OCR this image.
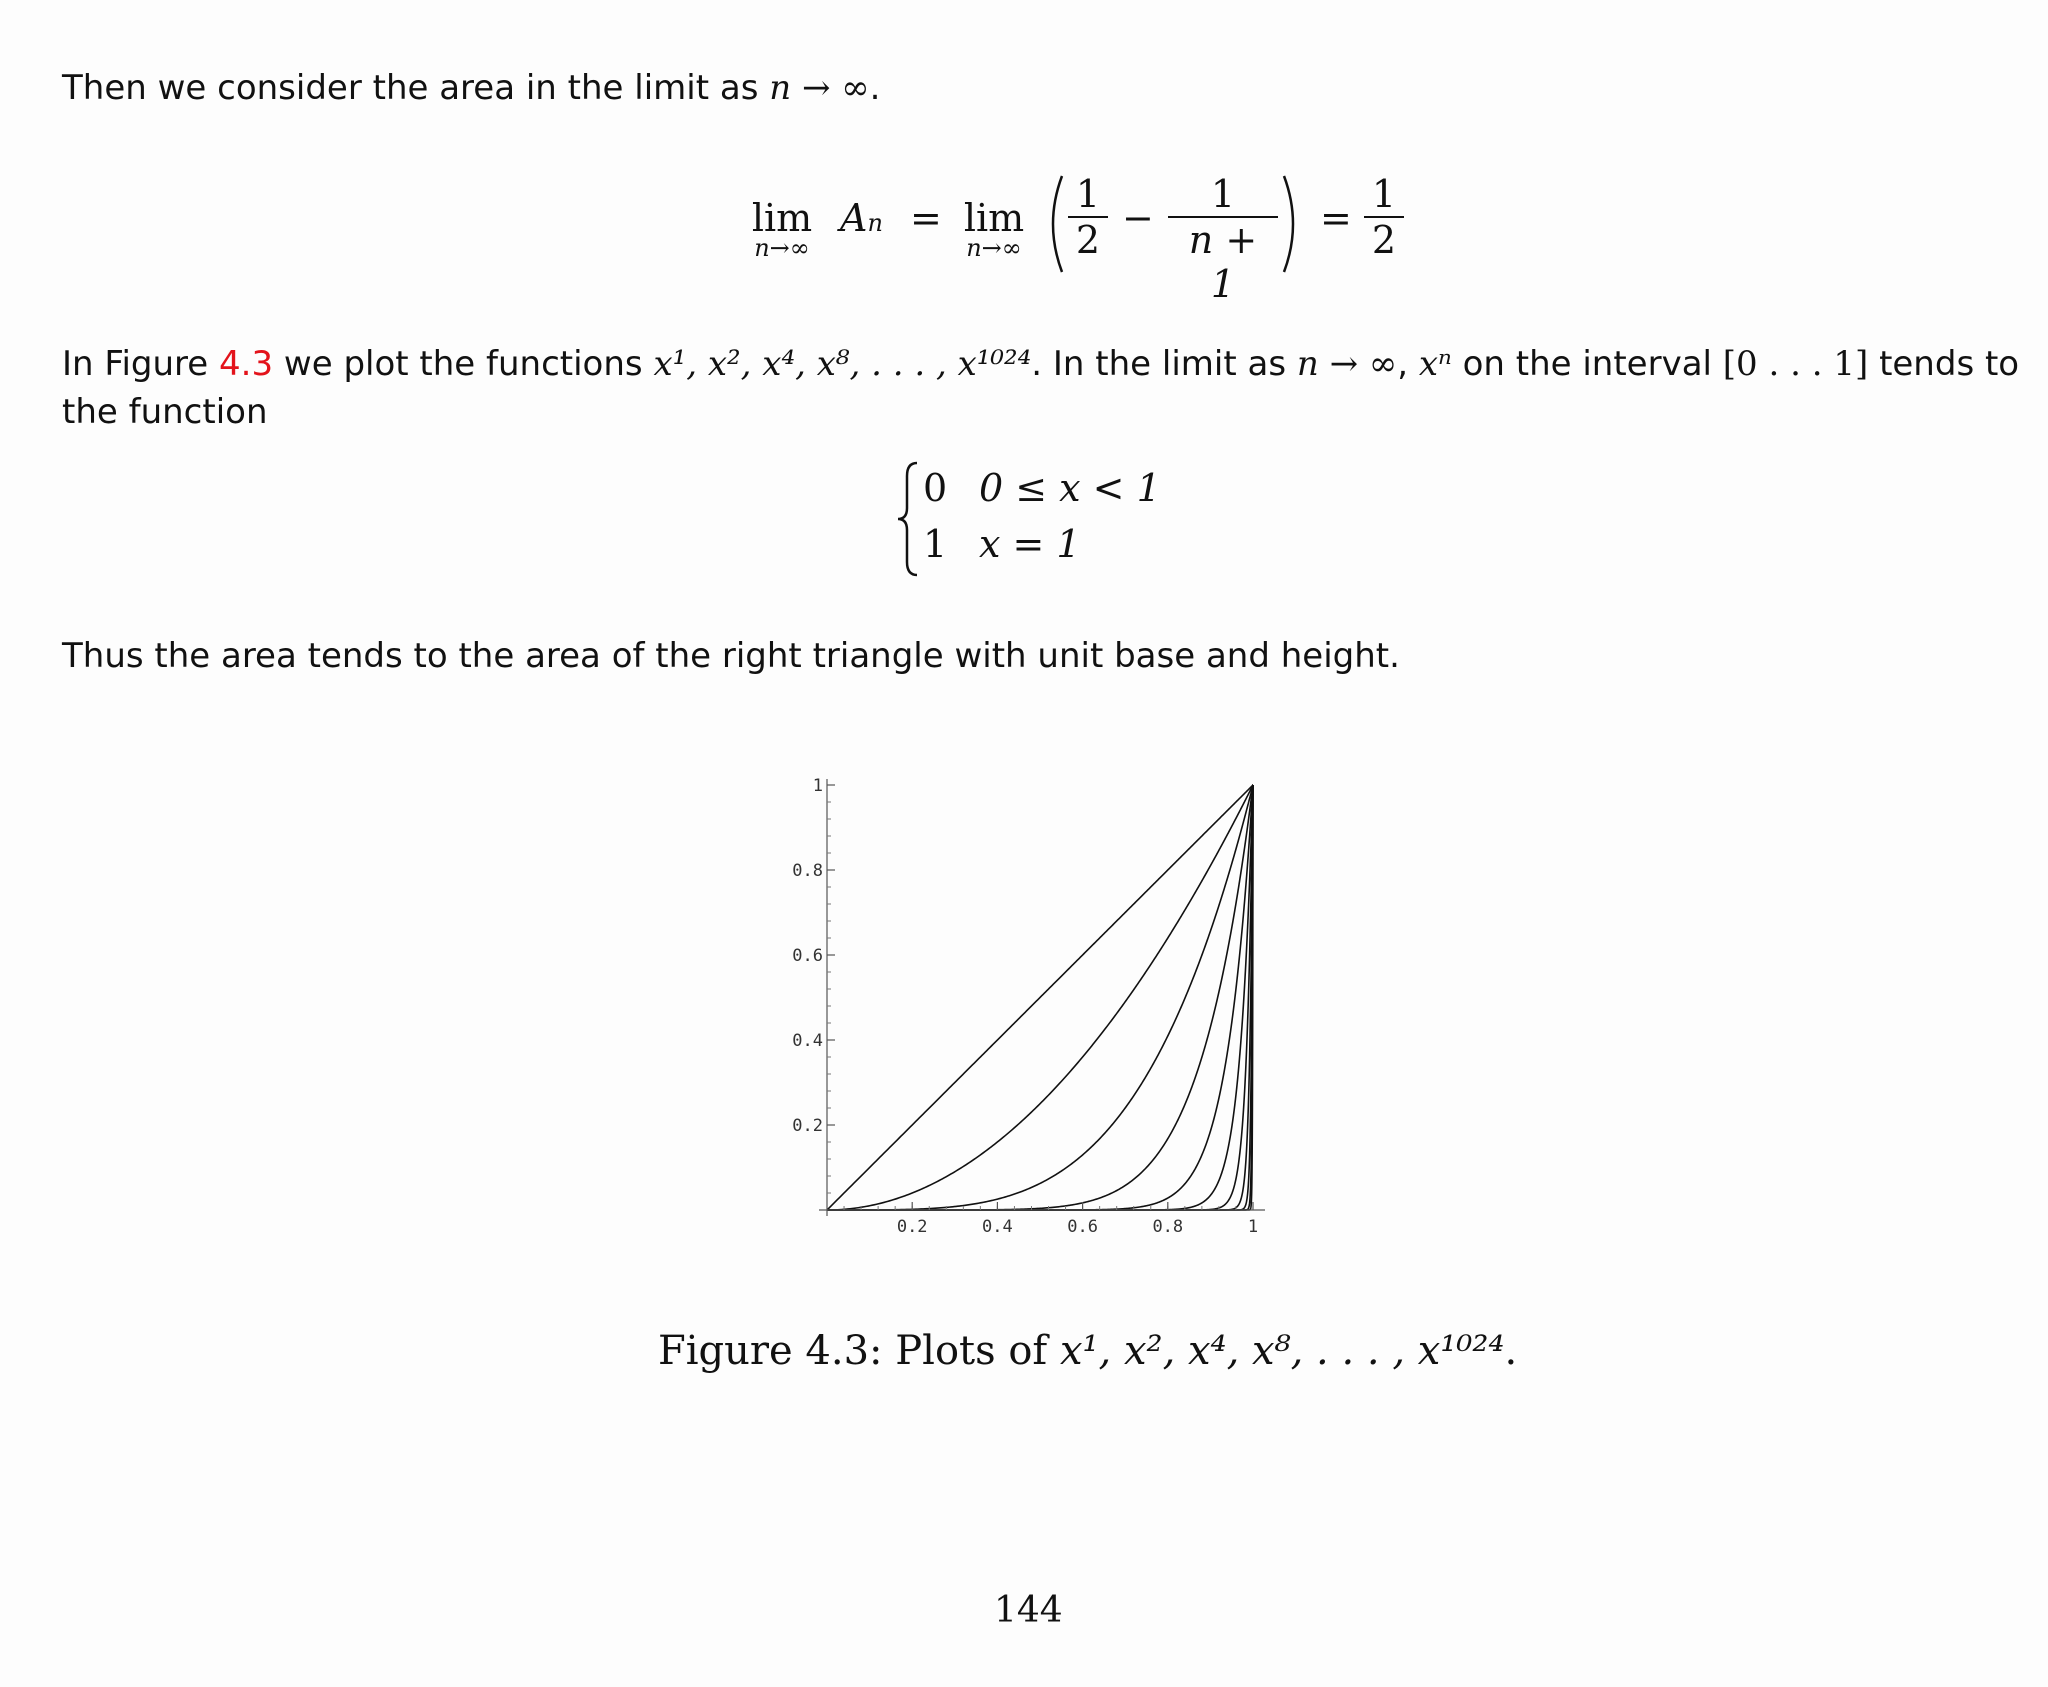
Then we consider the area in the limit as n → ∞.
lim
n→∞
An = lim
n→∞	$\frac{1}{2} - \frac{1}{n + 1} = \frac{1}{2}$
In Figure 4.3 we plot the functions x¹, x², x⁴, x⁸, . . . , x¹⁰²⁴. In the limit as n → ∞, xⁿ on the interval [0 . . . 1] tends to
the function
0 0 ≤ x < 1
1 x = 1
Thus the area tends to the area of the right triangle with unit base and height.
0.2	0.4	0.6	0.8	1
0.2
0.4
0.6
0.8
1
Figure 4.3: Plots of x¹, x², x⁴, x⁸, . . . , x¹⁰²⁴.
144
